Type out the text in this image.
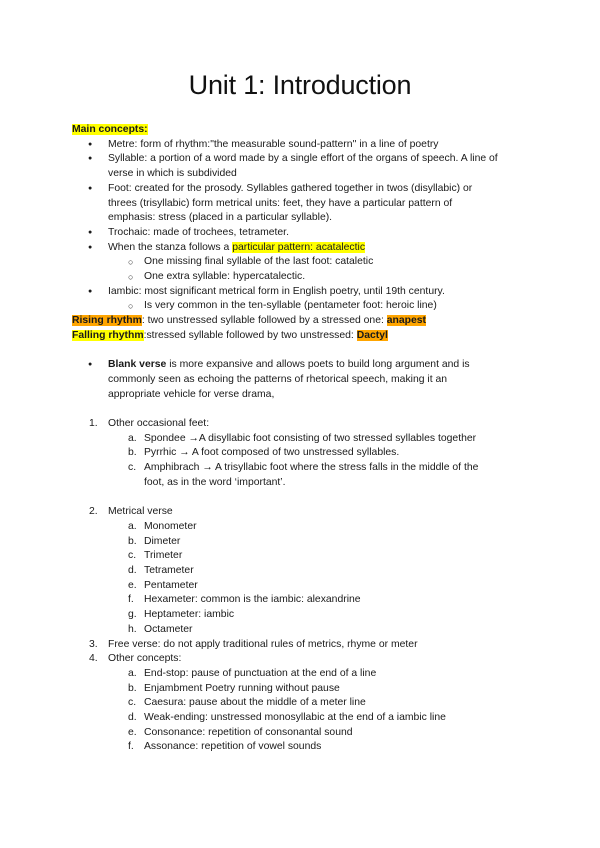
Unit 1: Introduction
Main concepts:
● Metre: form of rhythm:"the measurable sound-pattern'' in a line of poetry
● Syllable: a portion of a word made by a single effort of the organs of speech. A line of
verse in which is subdivided
● Foot: created for the prosody. Syllables gathered together in twos (disyllabic) or
threes (trisyllabic) form metrical units: feet, they have a particular pattern of
emphasis: stress (placed in a particular syllable).
● Trochaic: made of trochees, tetrameter.
● When the stanza follows a particular pattern: acatalectic
○ One missing final syllable of the last foot: cataletic
○ One extra syllable: hypercatalectic.
● Iambic: most significant metrical form in English poetry, until 19th century.
○ Is very common in the ten-syllable (pentameter foot: heroic line)
Rising rhythm: two unstressed syllable followed by a stressed one: anapest
Falling rhythm:stressed syllable followed by two unstressed: Dactyl
● Blank verse is more expansive and allows poets to build long argument and is
commonly seen as echoing the patterns of rhetorical speech, making it an
appropriate vehicle for verse drama,
1. Other occasional feet:
a. Spondee →A disyllabic foot consisting of two stressed syllables together
b. Pyrrhic → A foot composed of two unstressed syllables.
c. Amphibrach → A trisyllabic foot where the stress falls in the middle of the
foot, as in the word ‘important’.
2. Metrical verse
a. Monometer
b. Dimeter
c. Trimeter
d. Tetrameter
e. Pentameter
f. Hexameter: common is the iambic: alexandrine
g. Heptameter: iambic
h. Octameter
3. Free verse: do not apply traditional rules of metrics, rhyme or meter
4. Other concepts:
a. End-stop: pause of punctuation at the end of a line
b. Enjambment Poetry running without pause
c. Caesura: pause about the middle of a meter line
d. Weak-ending: unstressed monosyllabic at the end of a iambic line
e. Consonance: repetition of consonantal sound
f. Assonance: repetition of vowel sounds
